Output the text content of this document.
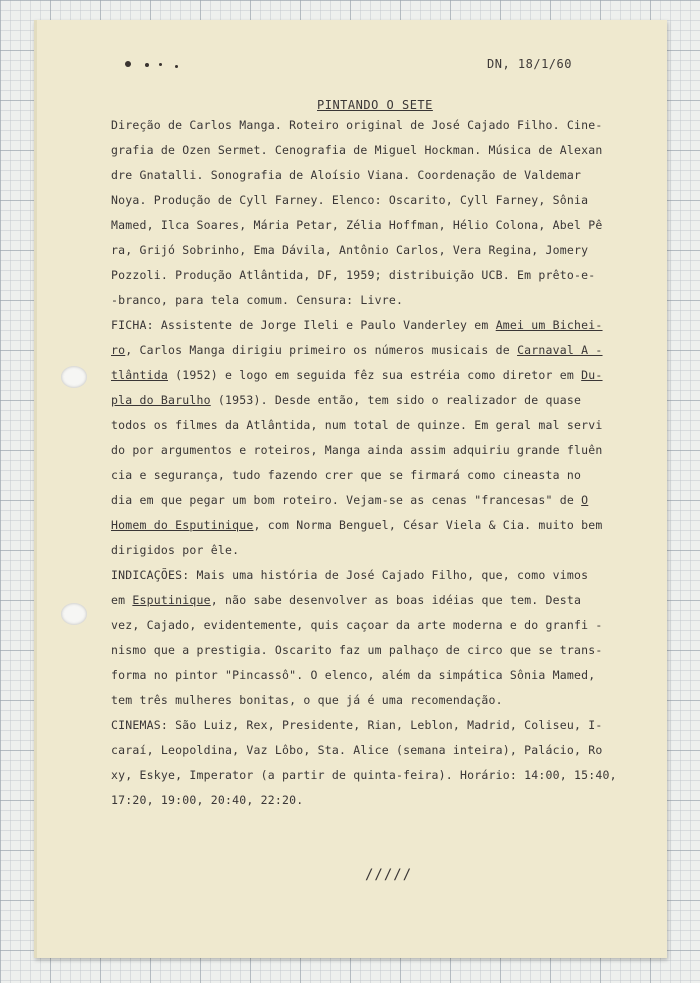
DN, 18/1/60
PINTANDO O SETE
Direção de Carlos Manga. Roteiro original de José Cajado Filho. Cine-
grafia de Ozen Sermet. Cenografia de Miguel Hockman. Música de Alexan
dre Gnatalli. Sonografia de Aloísio Viana. Coordenação de Valdemar
Noya. Produção de Cyll Farney. Elenco: Oscarito, Cyll Farney, Sônia
Mamed, Ilca Soares, Mária Petar, Zélia Hoffman, Hélio Colona, Abel Pê
ra, Grijó Sobrinho, Ema Dávila, Antônio Carlos, Vera Regina, Jomery
Pozzoli. Produção Atlântida, DF, 1959; distribuição UCB. Em prêto-e-
-branco, para tela comum. Censura: Livre.
FICHA: Assistente de Jorge Ileli e Paulo Vanderley em Amei um Bichei-
ro, Carlos Manga dirigiu primeiro os números musicais de Carnaval A -
tlântida (1952) e logo em seguida fêz sua estréia como diretor em Du-
pla do Barulho (1953). Desde então, tem sido o realizador de quase
todos os filmes da Atlântida, num total de quinze. Em geral mal servi
do por argumentos e roteiros, Manga ainda assim adquiriu grande fluên
cia e segurança, tudo fazendo crer que se firmará como cineasta no
dia em que pegar um bom roteiro. Vejam-se as cenas "francesas" de O
Homem do Esputinique, com Norma Benguel, César Viela & Cia. muito bem
dirigidos por êle.
INDICAÇÕES: Mais uma história de José Cajado Filho, que, como vimos
em Esputinique, não sabe desenvolver as boas idéias que tem. Desta
vez, Cajado, evidentemente, quis caçoar da arte moderna e do granfi -
nismo que a prestigia. Oscarito faz um palhaço de circo que se trans-
forma no pintor "Pincassô". O elenco, além da simpática Sônia Mamed,
tem três mulheres bonitas, o que já é uma recomendação.
CINEMAS: São Luiz, Rex, Presidente, Rian, Leblon, Madrid, Coliseu, I-
caraí, Leopoldina, Vaz Lôbo, Sta. Alice (semana inteira), Palácio, Ro
xy, Eskye, Imperator (a partir de quinta-feira). Horário: 14:00, 15:40,
17:20, 19:00, 20:40, 22:20.
/////
